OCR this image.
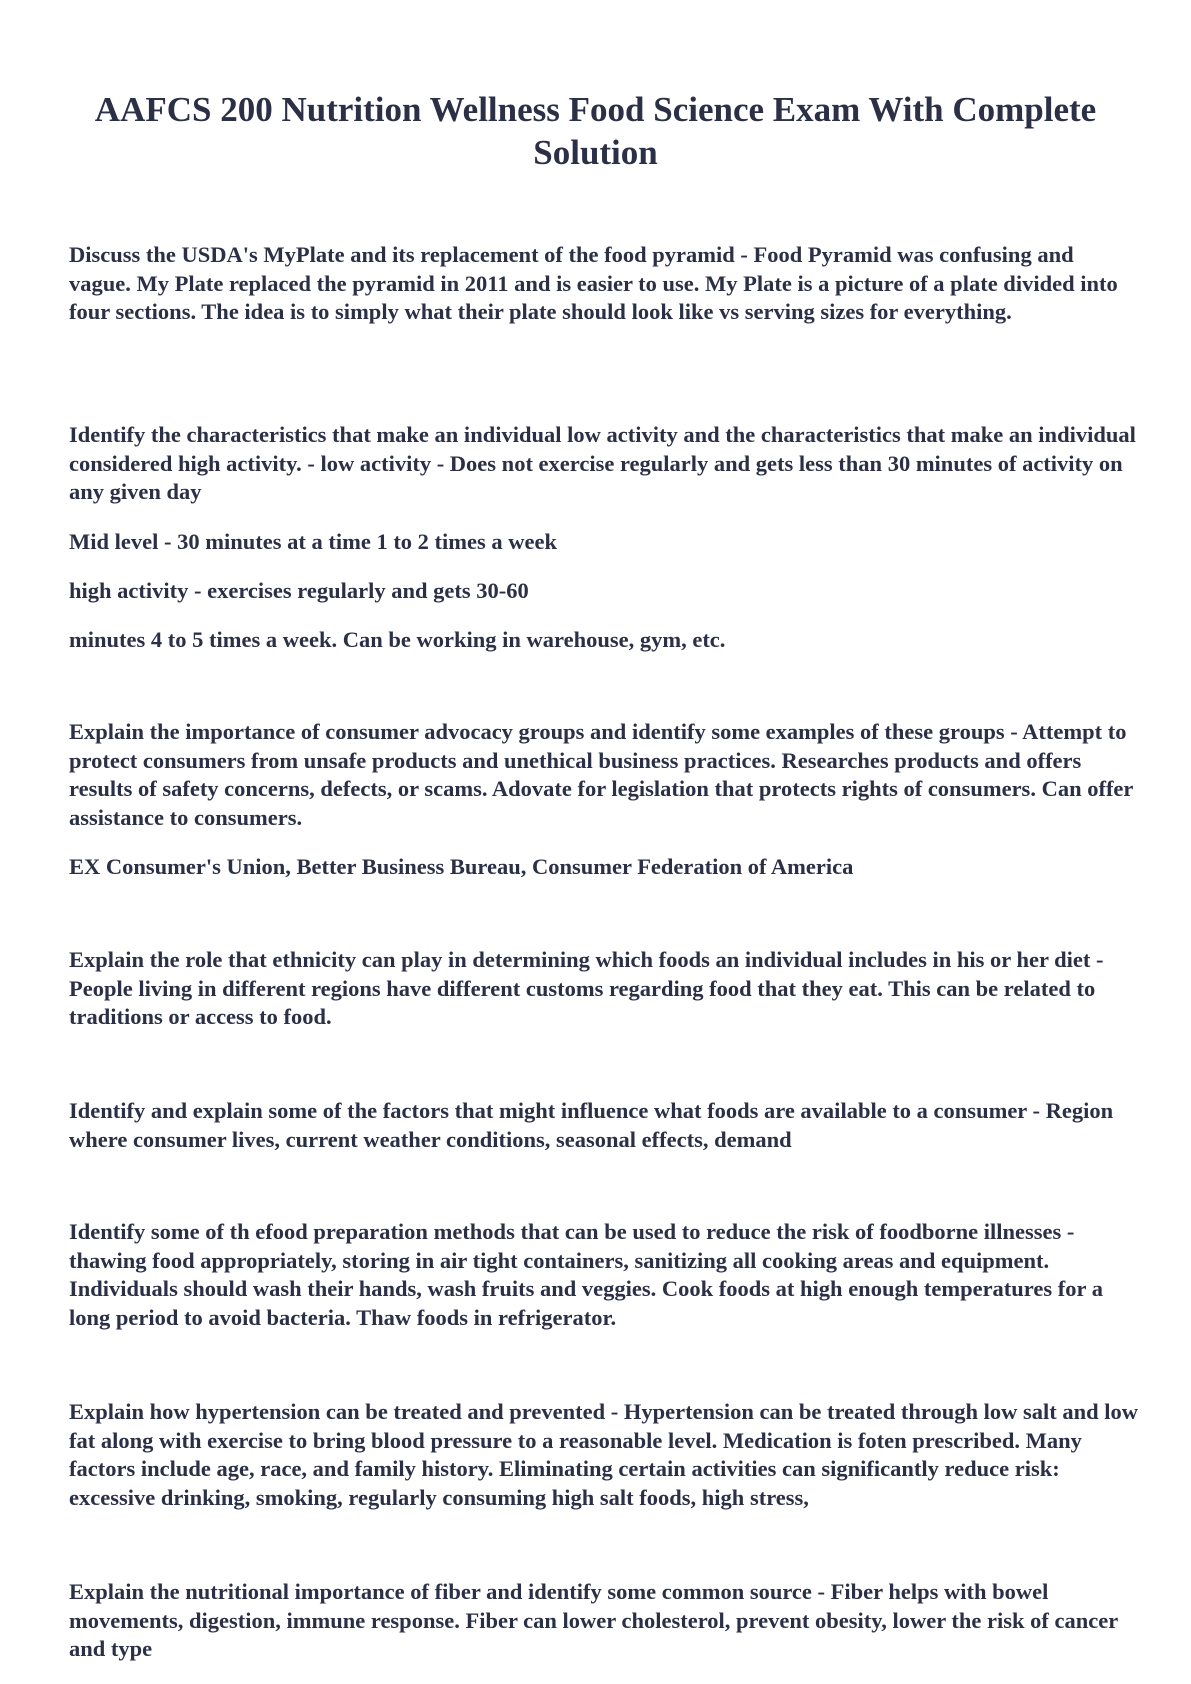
AAFCS 200 Nutrition Wellness Food Science Exam With Complete Solution

Discuss the USDA's MyPlate and its replacement of the food pyramid - Food Pyramid was confusing and vague. My Plate replaced the pyramid in 2011 and is easier to use. My Plate is a picture of a plate divided into four sections. The idea is to simply what their plate should look like vs serving sizes for everything.

Identify the characteristics that make an individual low activity and the characteristics that make an individual considered high activity. - low activity - Does not exercise regularly and gets less than 30 minutes of activity on any given day

Mid level - 30 minutes at a time 1 to 2 times a week

high activity - exercises regularly and gets 30-60

minutes 4 to 5 times a week. Can be working in warehouse, gym, etc.

Explain the importance of consumer advocacy groups and identify some examples of these groups - Attempt to protect consumers from unsafe products and unethical business practices. Researches products and offers results of safety concerns, defects, or scams. Adovate for legislation that protects rights of consumers. Can offer assistance to consumers.

EX Consumer's Union, Better Business Bureau, Consumer Federation of America

Explain the role that ethnicity can play in determining which foods an individual includes in his or her diet - People living in different regions have different customs regarding food that they eat. This can be related to traditions or access to food.

Identify and explain some of the factors that might influence what foods are available to a consumer - Region where consumer lives, current weather conditions, seasonal effects, demand

Identify some of th efood preparation methods that can be used to reduce the risk of foodborne illnesses - thawing food appropriately, storing in air tight containers, sanitizing all cooking areas and equipment. Individuals should wash their hands, wash fruits and veggies. Cook foods at high enough temperatures for a long period to avoid bacteria. Thaw foods in refrigerator.

Explain how hypertension can be treated and prevented - Hypertension can be treated through low salt and low fat along with exercise to bring blood pressure to a reasonable level. Medication is foten prescribed. Many factors include age, race, and family history. Eliminating certain activities can significantly reduce risk: excessive drinking, smoking, regularly consuming high salt foods, high stress,

Explain the nutritional importance of fiber and identify some common source - Fiber helps with bowel movements, digestion, immune response. Fiber can lower cholesterol, prevent obesity, lower the risk of cancer and type
